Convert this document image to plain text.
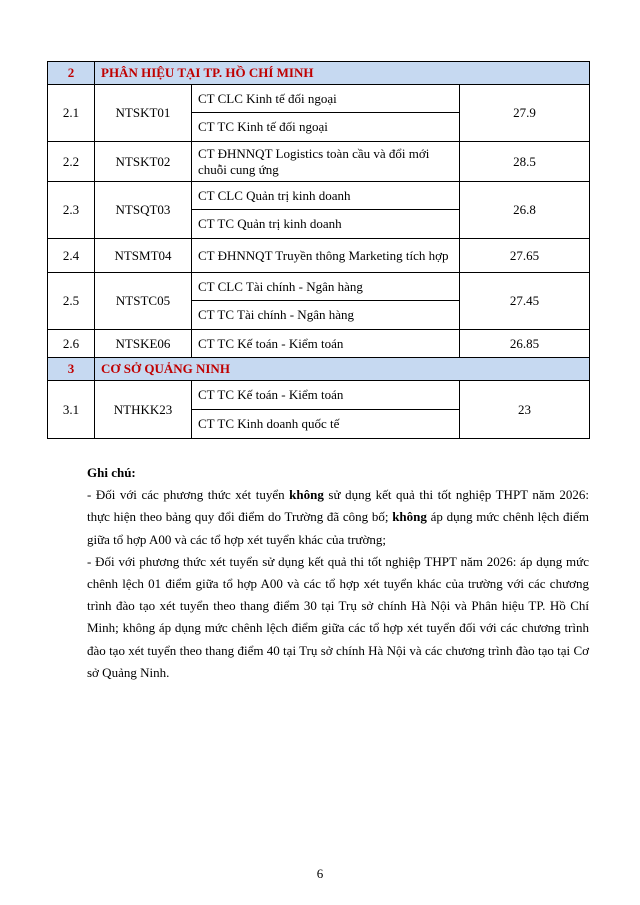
2	PHÂN HIỆU TẠI TP. HỒ CHÍ MINH		
2.1	NTSKT01	CT CLC Kinh tế đối ngoại	27.9
		CT TC Kinh tế đối ngoại	
2.2	NTSKT02	CT ĐHNNQT Logistics toàn cầu và đổi mới chuỗi cung ứng	28.5
2.3	NTSQT03	CT CLC Quản trị kinh doanh	26.8
		CT TC Quản trị kinh doanh	
2.4	NTSMT04	CT ĐHNNQT Truyền thông Marketing tích hợp	27.65
2.5	NTSTC05	CT CLC Tài chính - Ngân hàng	27.45
		CT TC Tài chính - Ngân hàng	
2.6	NTSKE06	CT TC Kế toán - Kiểm toán	26.85
3	CƠ SỞ QUẢNG NINH		
3.1	NTHKK23	CT TC Kế toán - Kiểm toán	23
		CT TC Kinh doanh quốc tế	

Ghi chú:

- Đối với các phương thức xét tuyển không sử dụng kết quả thi tốt nghiệp THPT năm 2026: thực hiện theo bảng quy đổi điểm do Trường đã công bố; không áp dụng mức chênh lệch điểm giữa tổ hợp A00 và các tổ hợp xét tuyển khác của trường;

- Đối với phương thức xét tuyển sử dụng kết quả thi tốt nghiệp THPT năm 2026: áp dụng mức chênh lệch 01 điểm giữa tổ hợp A00 và các tổ hợp xét tuyển khác của trường với các chương trình đào tạo xét tuyển theo thang điểm 30 tại Trụ sở chính Hà Nội và Phân hiệu TP. Hồ Chí Minh; không áp dụng mức chênh lệch điểm giữa các tổ hợp xét tuyển đối với các chương trình đào tạo xét tuyển theo thang điểm 40 tại Trụ sở chính Hà Nội và các chương trình đào tạo tại Cơ sở Quảng Ninh.

6
